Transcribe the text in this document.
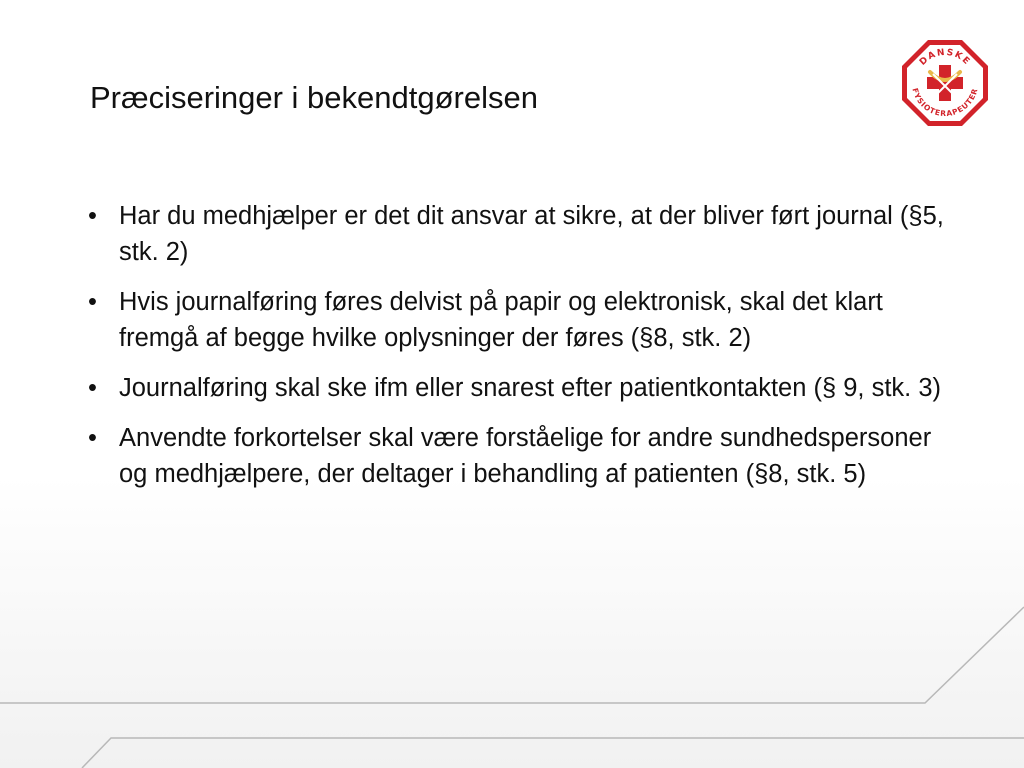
Præciseringer i bekendtgørelsen
DANSKE
FYSIOTERAPEUTER
• Har du medhjælper er det dit ansvar at sikre, at der bliver ført journal (§5, stk. 2)
• Hvis journalføring føres delvist på papir og elektronisk, skal det klart fremgå af begge hvilke oplysninger der føres (§8, stk. 2)
• Journalføring skal ske ifm eller snarest efter patientkontakten (§ 9, stk. 3)
• Anvendte forkortelser skal være forståelige for andre sundhedspersoner og medhjælpere, der deltager i behandling af patienten (§8, stk. 5)
